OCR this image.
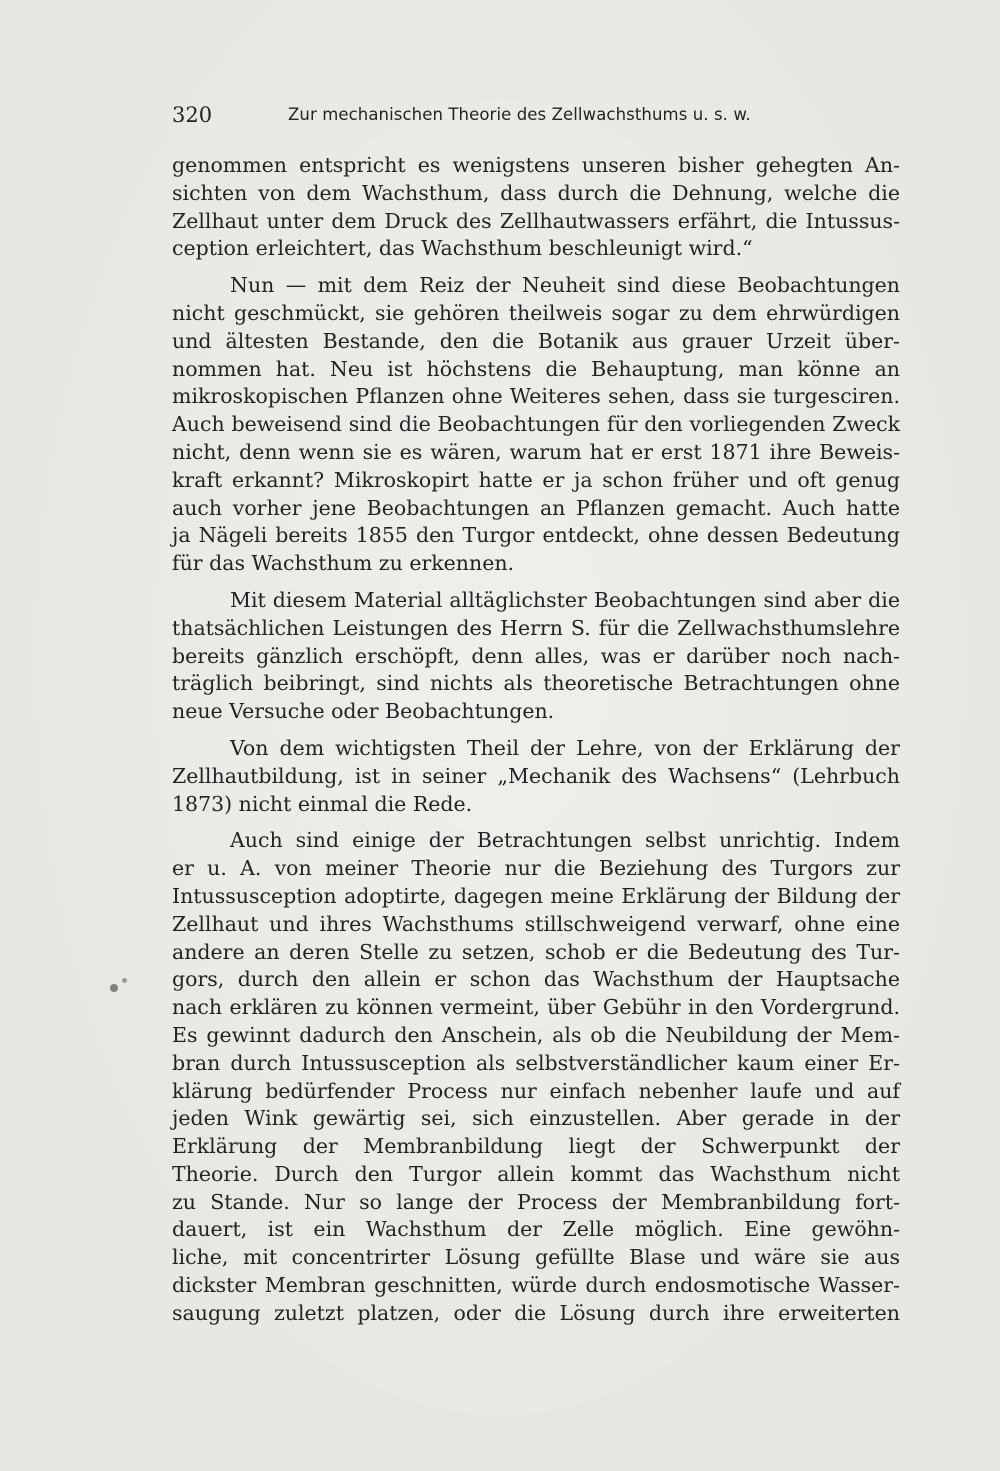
320	Zur mechanischen Theorie des Zellwachsthums u. s. w.
genommen entspricht es wenigstens unseren bisher gehegten An-
sichten von dem Wachsthum, dass durch die Dehnung, welche die
Zellhaut unter dem Druck des Zellhautwassers erfährt, die Intussus-
ception erleichtert, das Wachsthum beschleunigt wird.“
Nun — mit dem Reiz der Neuheit sind diese Beobachtungen
nicht geschmückt, sie gehören theilweis sogar zu dem ehrwürdigen
und ältesten Bestande, den die Botanik aus grauer Urzeit über-
nommen hat. Neu ist höchstens die Behauptung, man könne an
mikroskopischen Pflanzen ohne Weiteres sehen, dass sie turgesciren.
Auch beweisend sind die Beobachtungen für den vorliegenden Zweck
nicht, denn wenn sie es wären, warum hat er erst 1871 ihre Beweis-
kraft erkannt? Mikroskopirt hatte er ja schon früher und oft genug
auch vorher jene Beobachtungen an Pflanzen gemacht. Auch hatte
ja Nägeli bereits 1855 den Turgor entdeckt, ohne dessen Bedeutung
für das Wachsthum zu erkennen.
Mit diesem Material alltäglichster Beobachtungen sind aber die
thatsächlichen Leistungen des Herrn S. für die Zellwachsthumslehre
bereits gänzlich erschöpft, denn alles, was er darüber noch nach-
träglich beibringt, sind nichts als theoretische Betrachtungen ohne
neue Versuche oder Beobachtungen.
Von dem wichtigsten Theil der Lehre, von der Erklärung der
Zellhautbildung, ist in seiner „Mechanik des Wachsens“ (Lehrbuch
1873) nicht einmal die Rede.
Auch sind einige der Betrachtungen selbst unrichtig. Indem
er u. A. von meiner Theorie nur die Beziehung des Turgors zur
Intussusception adoptirte, dagegen meine Erklärung der Bildung der
Zellhaut und ihres Wachsthums stillschweigend verwarf, ohne eine
andere an deren Stelle zu setzen, schob er die Bedeutung des Tur-
gors, durch den allein er schon das Wachsthum der Hauptsache
nach erklären zu können vermeint, über Gebühr in den Vordergrund.
Es gewinnt dadurch den Anschein, als ob die Neubildung der Mem-
bran durch Intussusception als selbstverständlicher kaum einer Er-
klärung bedürfender Process nur einfach nebenher laufe und auf
jeden Wink gewärtig sei, sich einzustellen. Aber gerade in der
Erklärung der Membranbildung liegt der Schwerpunkt der
Theorie. Durch den Turgor allein kommt das Wachsthum nicht
zu Stande. Nur so lange der Process der Membranbildung fort-
dauert, ist ein Wachsthum der Zelle möglich. Eine gewöhn-
liche, mit concentrirter Lösung gefüllte Blase und wäre sie aus
dickster Membran geschnitten, würde durch endosmotische Wasser-
saugung zuletzt platzen, oder die Lösung durch ihre erweiterten
